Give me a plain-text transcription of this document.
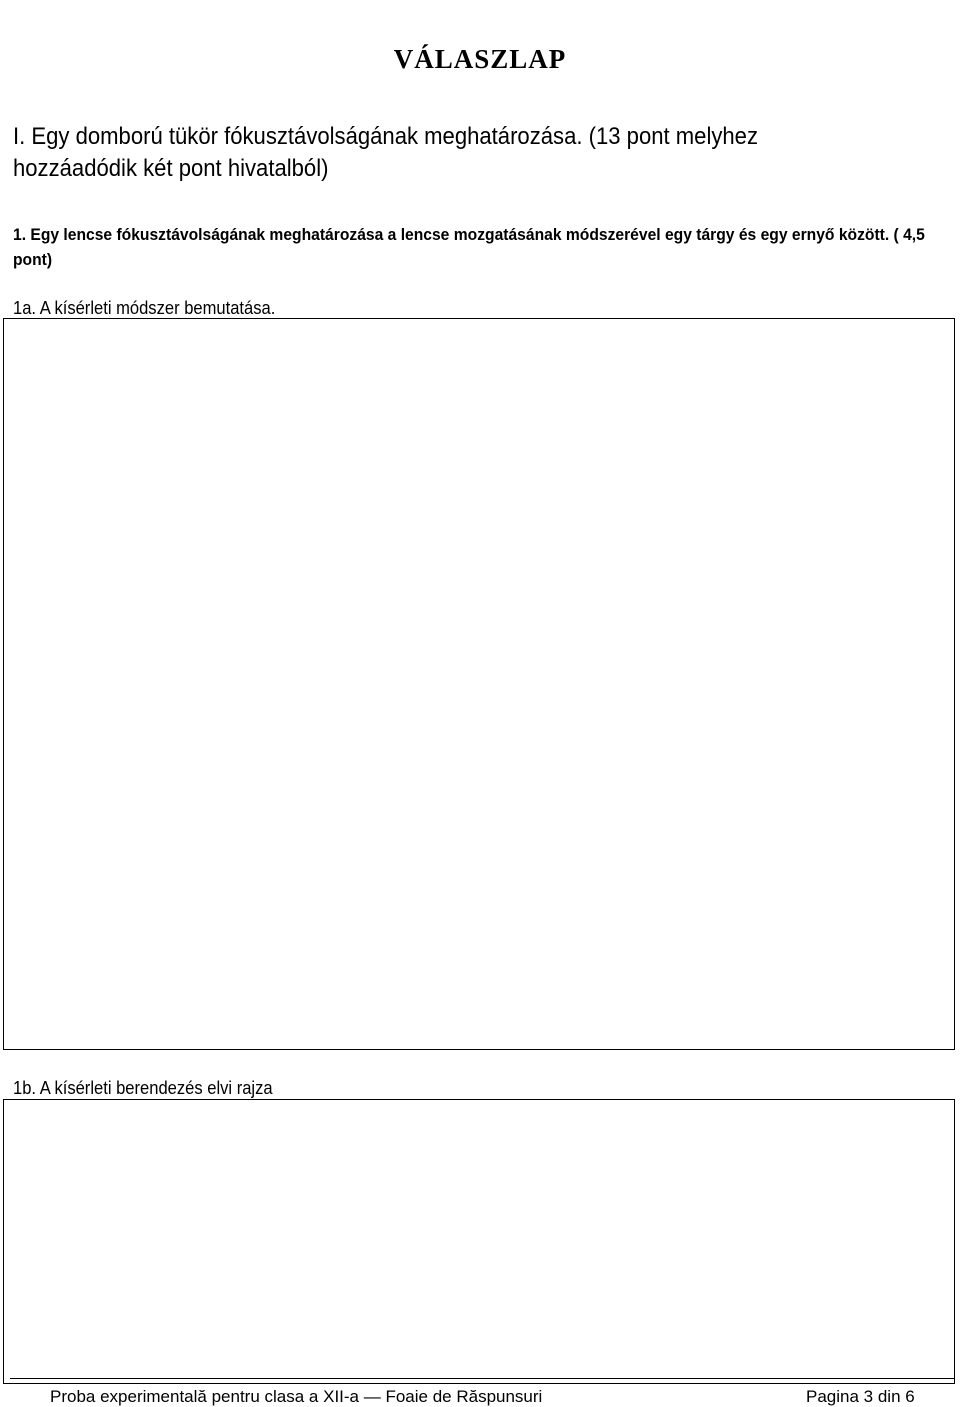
VÁLASZLAP
I. Egy domború tükör fókusztávolságának meghatározása. (13 pont melyhez hozzáadódik két pont hivatalból)

1. Egy lencse fókusztávolságának meghatározása a lencse mozgatásának módszerével egy tárgy és egy ernyő között. ( 4,5 pont)

1a. A kísérleti módszer bemutatása.

1b. A kísérleti berendezés elvi rajza

Proba experimentală pentru clasa a XII-a — Foaie de Răspunsuri	Pagina 3 din 6
